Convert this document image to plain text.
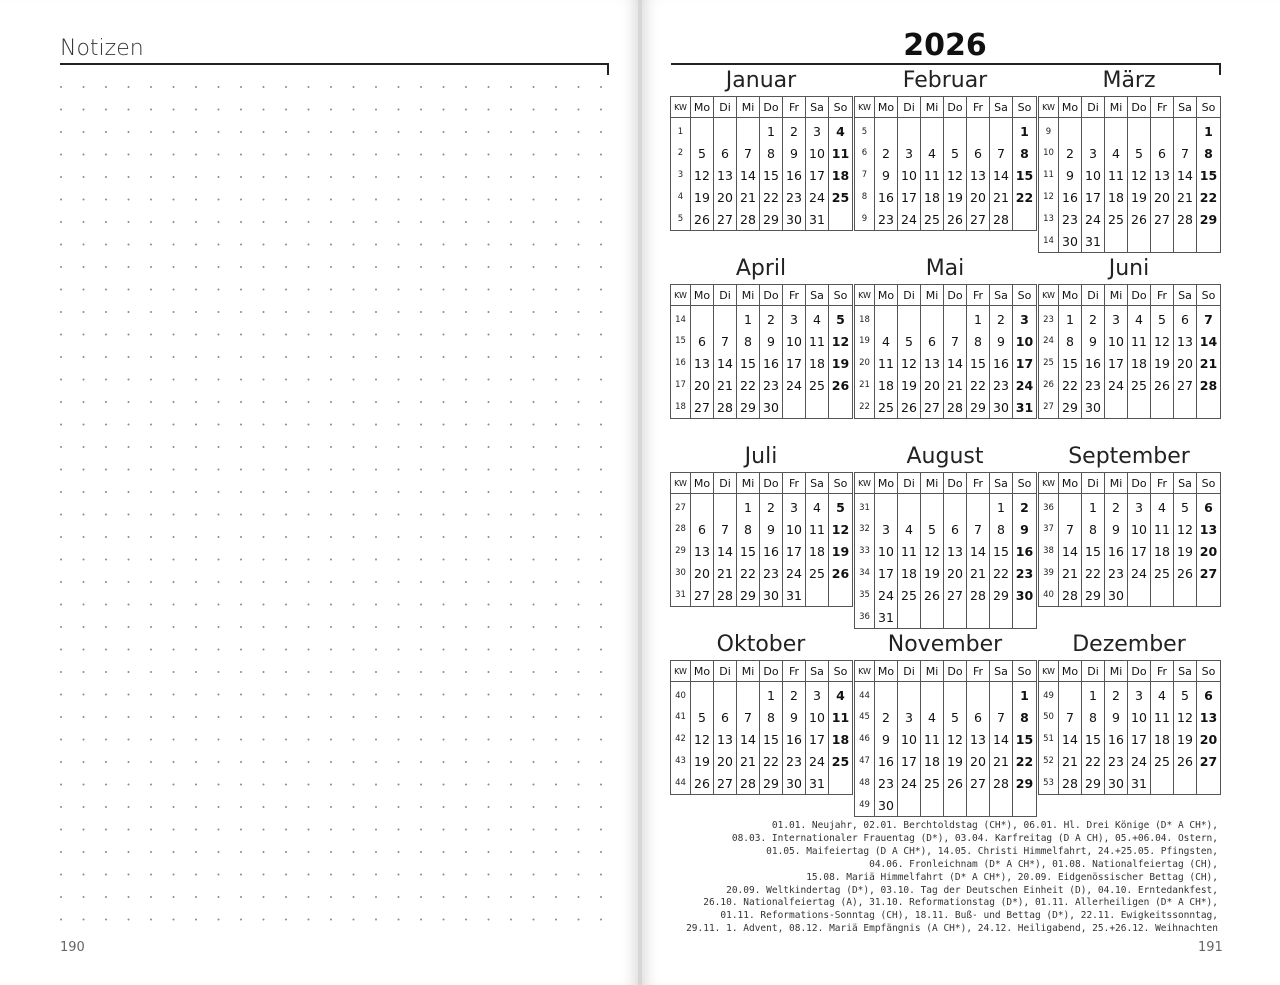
Notizen
190
2026
Januar
KW	Mo	Di	Mi	Do	Fr	Sa	So
1				1	2	3	4
2	5	6	7	8	9	10	11
3	12	13	14	15	16	17	18
4	19	20	21	22	23	24	25
5	26	27	28	29	30	31	
Februar
KW	Mo	Di	Mi	Do	Fr	Sa	So
5							1
6	2	3	4	5	6	7	8
7	9	10	11	12	13	14	15
8	16	17	18	19	20	21	22
9	23	24	25	26	27	28	
März
KW	Mo	Di	Mi	Do	Fr	Sa	So
9							1
10	2	3	4	5	6	7	8
11	9	10	11	12	13	14	15
12	16	17	18	19	20	21	22
13	23	24	25	26	27	28	29
14	30	31					
April
KW	Mo	Di	Mi	Do	Fr	Sa	So
14			1	2	3	4	5
15	6	7	8	9	10	11	12
16	13	14	15	16	17	18	19
17	20	21	22	23	24	25	26
18	27	28	29	30			
Mai
KW	Mo	Di	Mi	Do	Fr	Sa	So
18					1	2	3
19	4	5	6	7	8	9	10
20	11	12	13	14	15	16	17
21	18	19	20	21	22	23	24
22	25	26	27	28	29	30	31
Juni
KW	Mo	Di	Mi	Do	Fr	Sa	So
23	1	2	3	4	5	6	7
24	8	9	10	11	12	13	14
25	15	16	17	18	19	20	21
26	22	23	24	25	26	27	28
27	29	30					
Juli
KW	Mo	Di	Mi	Do	Fr	Sa	So
27			1	2	3	4	5
28	6	7	8	9	10	11	12
29	13	14	15	16	17	18	19
30	20	21	22	23	24	25	26
31	27	28	29	30	31		
August
KW	Mo	Di	Mi	Do	Fr	Sa	So
31						1	2
32	3	4	5	6	7	8	9
33	10	11	12	13	14	15	16
34	17	18	19	20	21	22	23
35	24	25	26	27	28	29	30
36	31						
September
KW	Mo	Di	Mi	Do	Fr	Sa	So
36		1	2	3	4	5	6
37	7	8	9	10	11	12	13
38	14	15	16	17	18	19	20
39	21	22	23	24	25	26	27
40	28	29	30				
Oktober
KW	Mo	Di	Mi	Do	Fr	Sa	So
40				1	2	3	4
41	5	6	7	8	9	10	11
42	12	13	14	15	16	17	18
43	19	20	21	22	23	24	25
44	26	27	28	29	30	31	
November
KW	Mo	Di	Mi	Do	Fr	Sa	So
44							1
45	2	3	4	5	6	7	8
46	9	10	11	12	13	14	15
47	16	17	18	19	20	21	22
48	23	24	25	26	27	28	29
49	30						
Dezember
KW	Mo	Di	Mi	Do	Fr	Sa	So
49		1	2	3	4	5	6
50	7	8	9	10	11	12	13
51	14	15	16	17	18	19	20
52	21	22	23	24	25	26	27
53	28	29	30	31			
01.01. Neujahr, 02.01. Berchtoldstag (CH*), 06.01. Hl. Drei Könige (D* A CH*),
08.03. Internationaler Frauentag (D*), 03.04. Karfreitag (D A CH), 05.+06.04. Ostern,
01.05. Maifeiertag (D A CH*), 14.05. Christi Himmelfahrt, 24.+25.05. Pfingsten,
04.06. Fronleichnam (D* A CH*), 01.08. Nationalfeiertag (CH),
15.08. Mariä Himmelfahrt (D* A CH*), 20.09. Eidgenössischer Bettag (CH),
20.09. Weltkindertag (D*), 03.10. Tag der Deutschen Einheit (D), 04.10. Erntedankfest,
26.10. Nationalfeiertag (A), 31.10. Reformationstag (D*), 01.11. Allerheiligen (D* A CH*),
01.11. Reformations-Sonntag (CH), 18.11. Buß- und Bettag (D*), 22.11. Ewigkeitssonntag,
29.11. 1. Advent, 08.12. Mariä Empfängnis (A CH*), 24.12. Heiligabend, 25.+26.12. Weihnachten
191
